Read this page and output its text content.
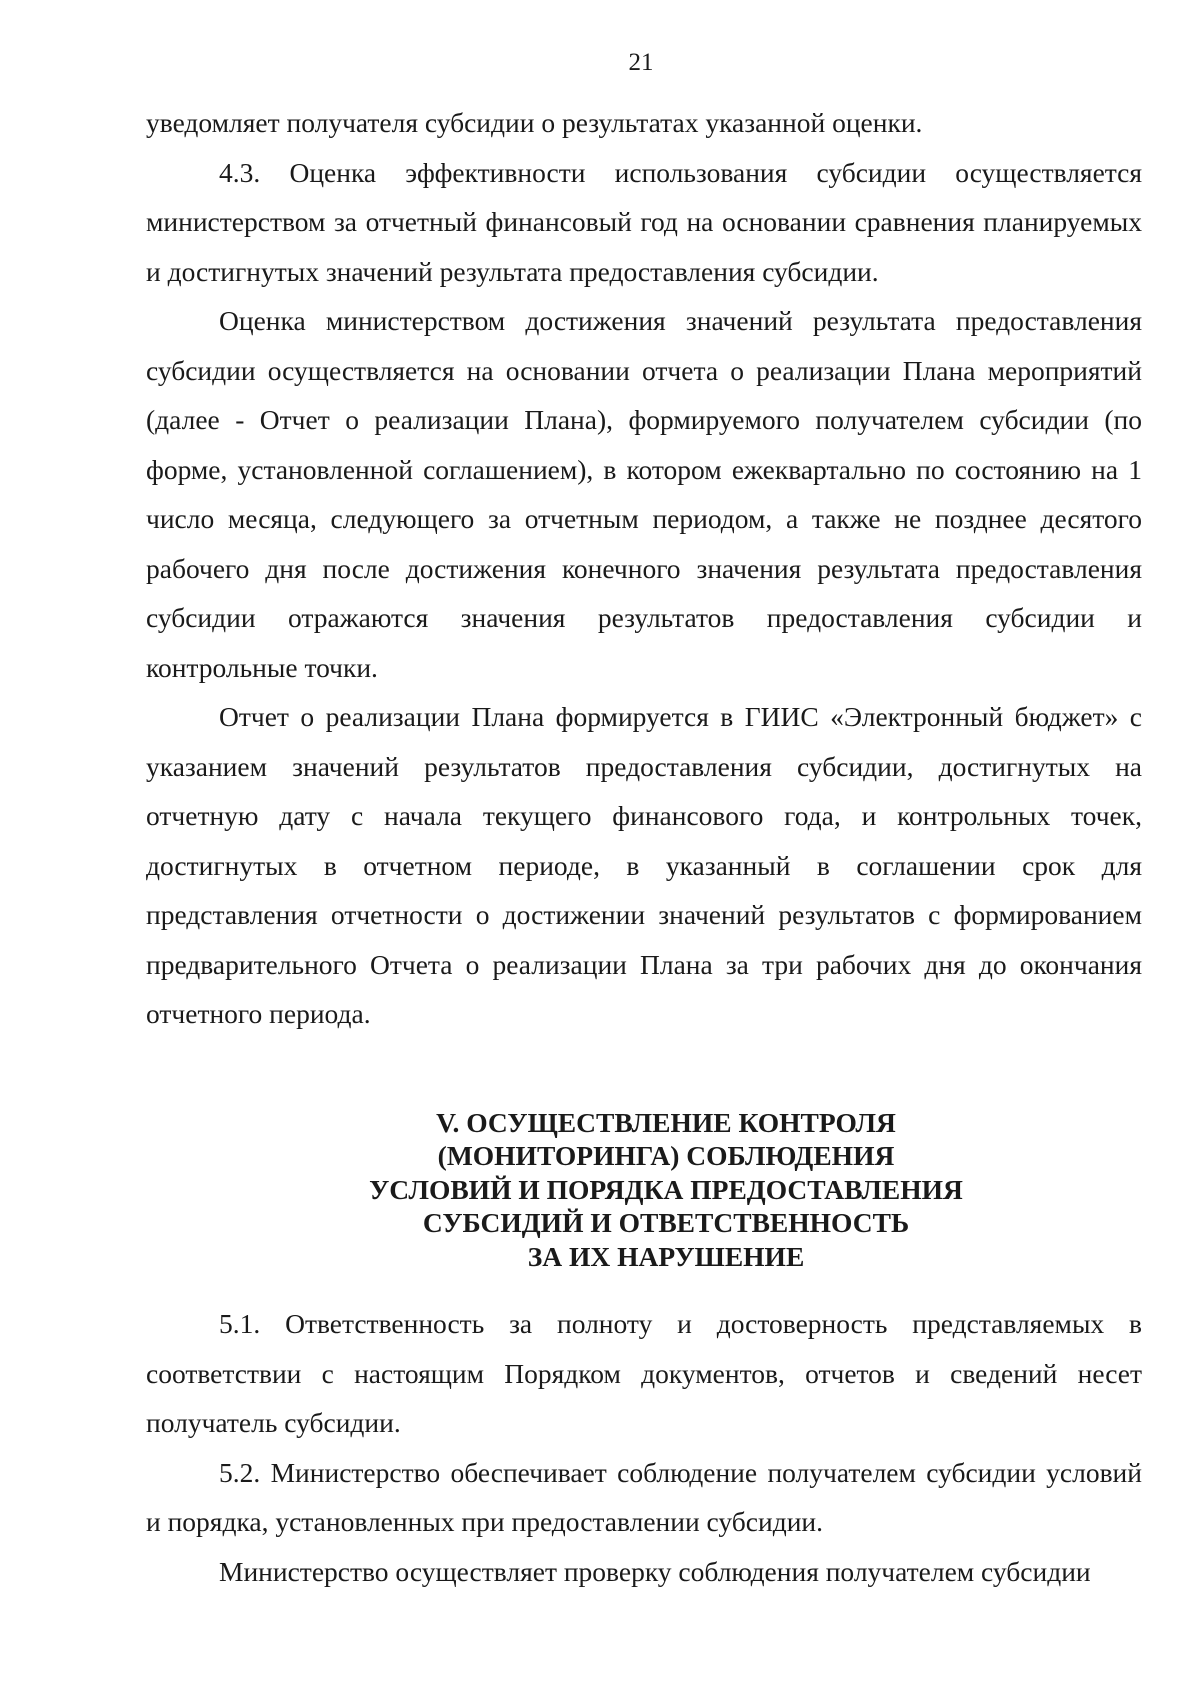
21

уведомляет получателя субсидии о результатах указанной оценки.

4.3. Оценка эффективности использования субсидии осуществляется министерством за отчетный финансовый год на основании сравнения планируемых и достигнутых значений результата предоставления субсидии.

Оценка министерством достижения значений результата предоставления субсидии осуществляется на основании отчета о реализации Плана мероприятий (далее - Отчет о реализации Плана), формируемого получателем субсидии (по форме, установленной соглашением), в котором ежеквартально по состоянию на 1 число месяца, следующего за отчетным периодом, а также не позднее десятого рабочего дня после достижения конечного значения результата предоставления субсидии отражаются значения результатов предоставления субсидии и контрольные точки.

Отчет о реализации Плана формируется в ГИИС «Электронный бюджет» с указанием значений результатов предоставления субсидии, достигнутых на отчетную дату с начала текущего финансового года, и контрольных точек, достигнутых в отчетном периоде, в указанный в соглашении срок для представления отчетности о достижении значений результатов с формированием предварительного Отчета о реализации Плана за три рабочих дня до окончания отчетного периода.

V. ОСУЩЕСТВЛЕНИЕ КОНТРОЛЯ
(МОНИТОРИНГА) СОБЛЮДЕНИЯ
УСЛОВИЙ И ПОРЯДКА ПРЕДОСТАВЛЕНИЯ
СУБСИДИЙ И ОТВЕТСТВЕННОСТЬ
ЗА ИХ НАРУШЕНИЕ

5.1. Ответственность за полноту и достоверность представляемых в соответствии с настоящим Порядком документов, отчетов и сведений несет получатель субсидии.

5.2. Министерство обеспечивает соблюдение получателем субсидии условий и порядка, установленных при предоставлении субсидии.

Министерство осуществляет проверку соблюдения получателем субсидии
